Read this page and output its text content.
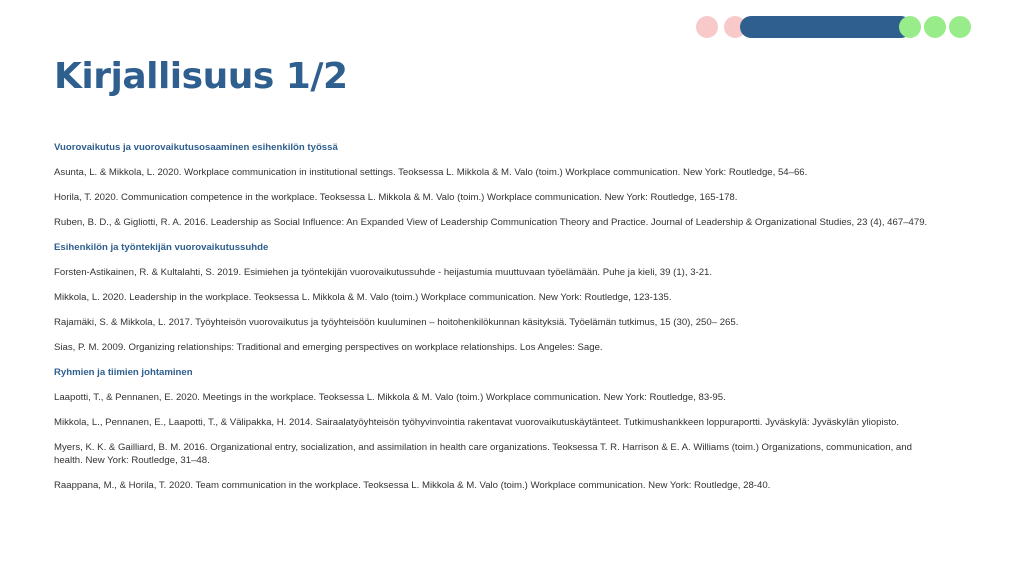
Kirjallisuus 1/2
Vuorovaikutus ja vuorovaikutusosaaminen esihenkilön työssä
Asunta, L. & Mikkola, L. 2020. Workplace communication in institutional settings. Teoksessa L. Mikkola & M. Valo (toim.) Workplace communication. New York: Routledge, 54–66.
Horila, T. 2020. Communication competence in the workplace. Teoksessa L. Mikkola & M. Valo (toim.) Workplace communication. New York: Routledge, 165-178.
Ruben, B. D., & Gigliotti, R. A. 2016. Leadership as Social Influence: An Expanded View of Leadership Communication Theory and Practice. Journal of Leadership & Organizational Studies, 23 (4), 467–479.
Esihenkilön ja työntekijän vuorovaikutussuhde
Forsten-Astikainen, R. & Kultalahti, S. 2019. Esimiehen ja työntekijän vuorovaikutussuhde - heijastumia muuttuvaan työelämään. Puhe ja kieli, 39 (1), 3-21.
Mikkola, L. 2020. Leadership in the workplace. Teoksessa L. Mikkola & M. Valo (toim.) Workplace communication. New York: Routledge, 123-135.
Rajamäki, S. & Mikkola, L. 2017. Työyhteisön vuorovaikutus ja työyhteisöön kuuluminen – hoitohenkilökunnan käsityksiä. Työelämän tutkimus, 15 (30), 250– 265.
Sias, P. M. 2009. Organizing relationships: Traditional and emerging perspectives on workplace relationships. Los Angeles: Sage.
Ryhmien ja tiimien johtaminen
Laapotti, T., & Pennanen, E. 2020. Meetings in the workplace. Teoksessa L. Mikkola & M. Valo (toim.) Workplace communication. New York: Routledge, 83-95.
Mikkola, L., Pennanen, E., Laapotti, T., & Välipakka, H. 2014. Sairaalatyöyhteisön työhyvinvointia rakentavat vuorovaikutuskäytänteet. Tutkimushankkeen loppuraportti. Jyväskylä: Jyväskylän yliopisto.
Myers, K. K. & Gailliard, B. M. 2016. Organizational entry, socialization, and assimilation in health care organizations. Teoksessa T. R. Harrison & E. A. Williams (toim.) Organizations, communication, and health. New York: Routledge, 31–48.
Raappana, M., & Horila, T. 2020. Team communication in the workplace. Teoksessa L. Mikkola & M. Valo (toim.) Workplace communication. New York: Routledge, 28-40.
